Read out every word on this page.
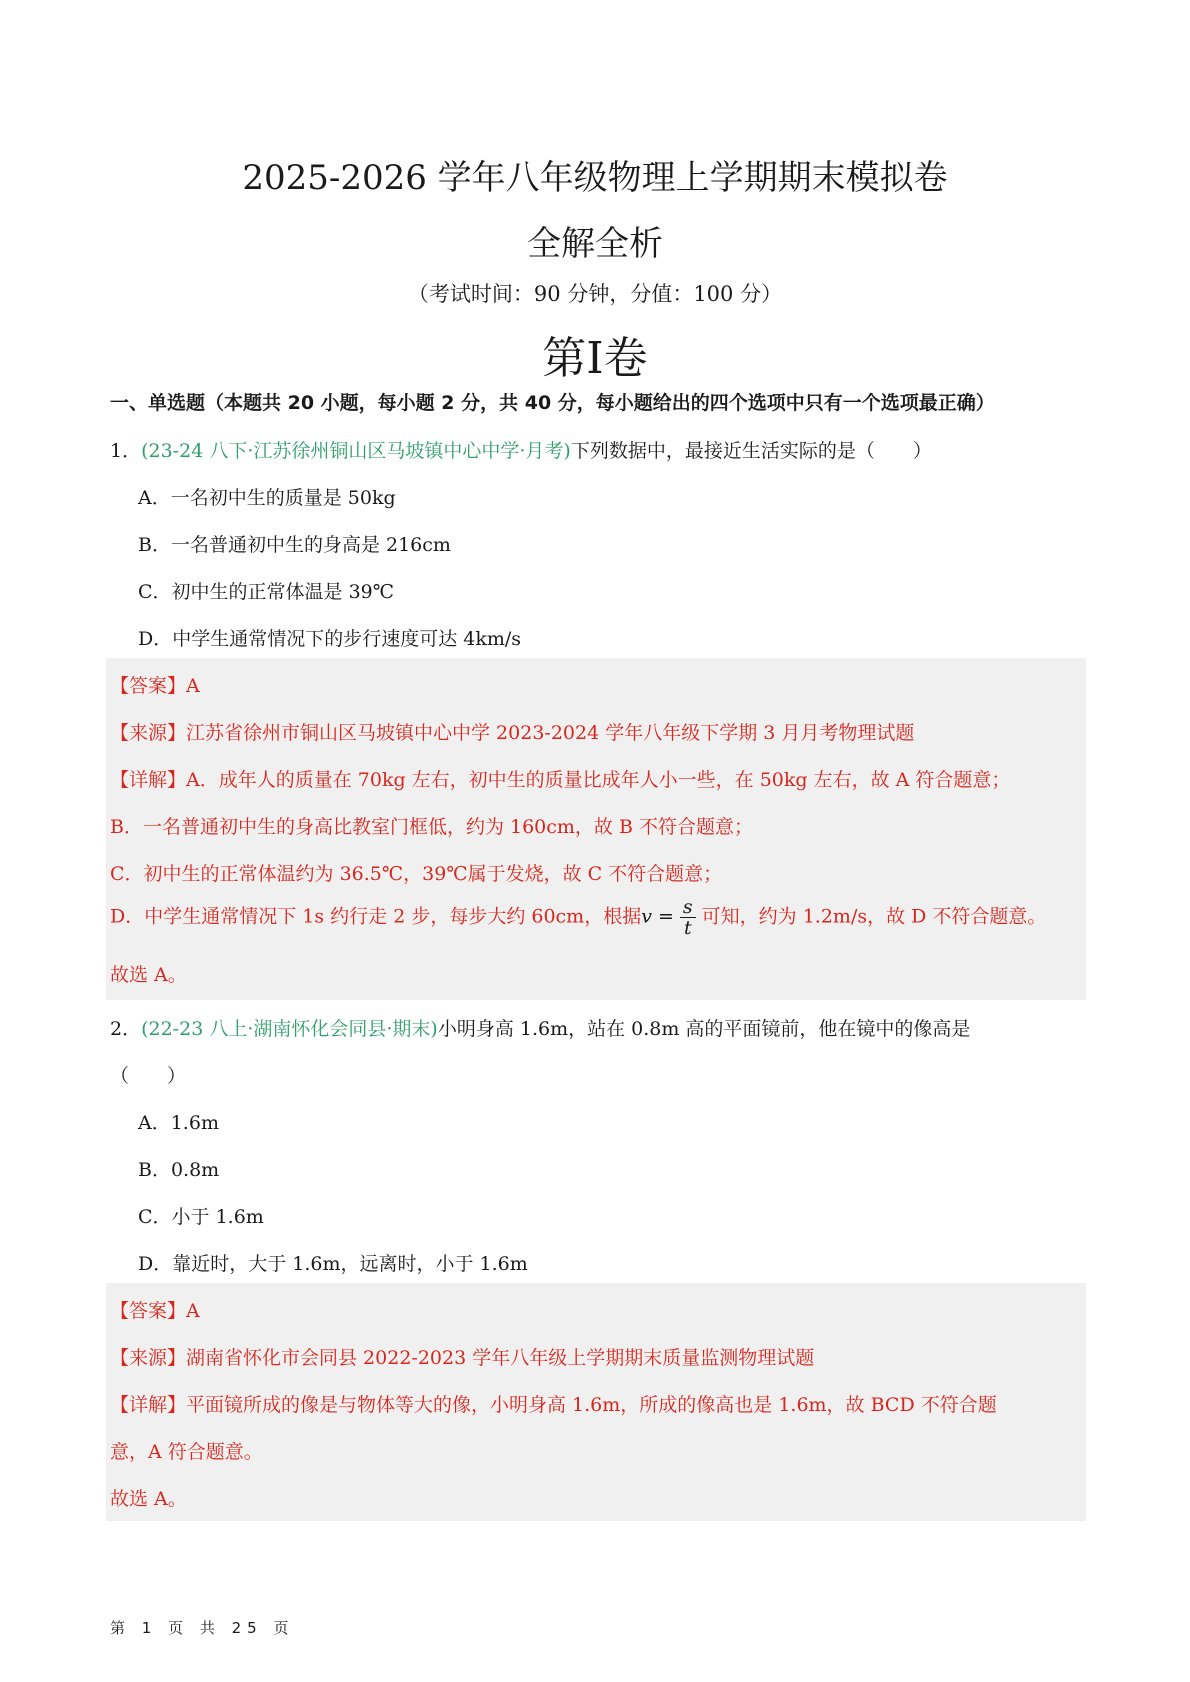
2025-2026 学年八年级物理上学期期末模拟卷
全解全析
（考试时间：90 分钟，分值：100 分）
第Ⅰ卷
一、单选题（本题共 20 小题，每小题 2 分，共 40 分，每小题给出的四个选项中只有一个选项最正确）
1．(23-24 八下·江苏徐州铜山区马坡镇中心中学·月考)下列数据中，最接近生活实际的是（　　）
A．一名初中生的质量是 50kg
B．一名普通初中生的身高是 216cm
C．初中生的正常体温是 39℃
D．中学生通常情况下的步行速度可达 4km/s
【答案】A
【来源】江苏省徐州市铜山区马坡镇中心中学 2023-2024 学年八年级下学期 3 月月考物理试题
【详解】A．成年人的质量在 70kg 左右，初中生的质量比成年人小一些，在 50kg 左右，故 A 符合题意；
B．一名普通初中生的身高比教室门框低，约为 160cm，故 B 不符合题意；
C．初中生的正常体温约为 36.5℃，39℃属于发烧，故 C 不符合题意；
D．中学生通常情况下 1s 约行走 2 步，每步大约 60cm，根据$v = \frac{s}{t}$ 可知，约为 1.2m/s，故 D 不符合题意。
故选 A。
2．(22-23 八上·湖南怀化会同县·期末)小明身高 1.6m，站在 0.8m 高的平面镜前，他在镜中的像高是
（　　）
A．1.6m
B．0.8m
C．小于 1.6m
D．靠近时，大于 1.6m，远离时，小于 1.6m
【答案】A
【来源】湖南省怀化市会同县 2022-2023 学年八年级上学期期末质量监测物理试题
【详解】平面镜所成的像是与物体等大的像，小明身高 1.6m，所成的像高也是 1.6m，故 BCD 不符合题
意，A 符合题意。
故选 A。
第 1 页 共 25 页
